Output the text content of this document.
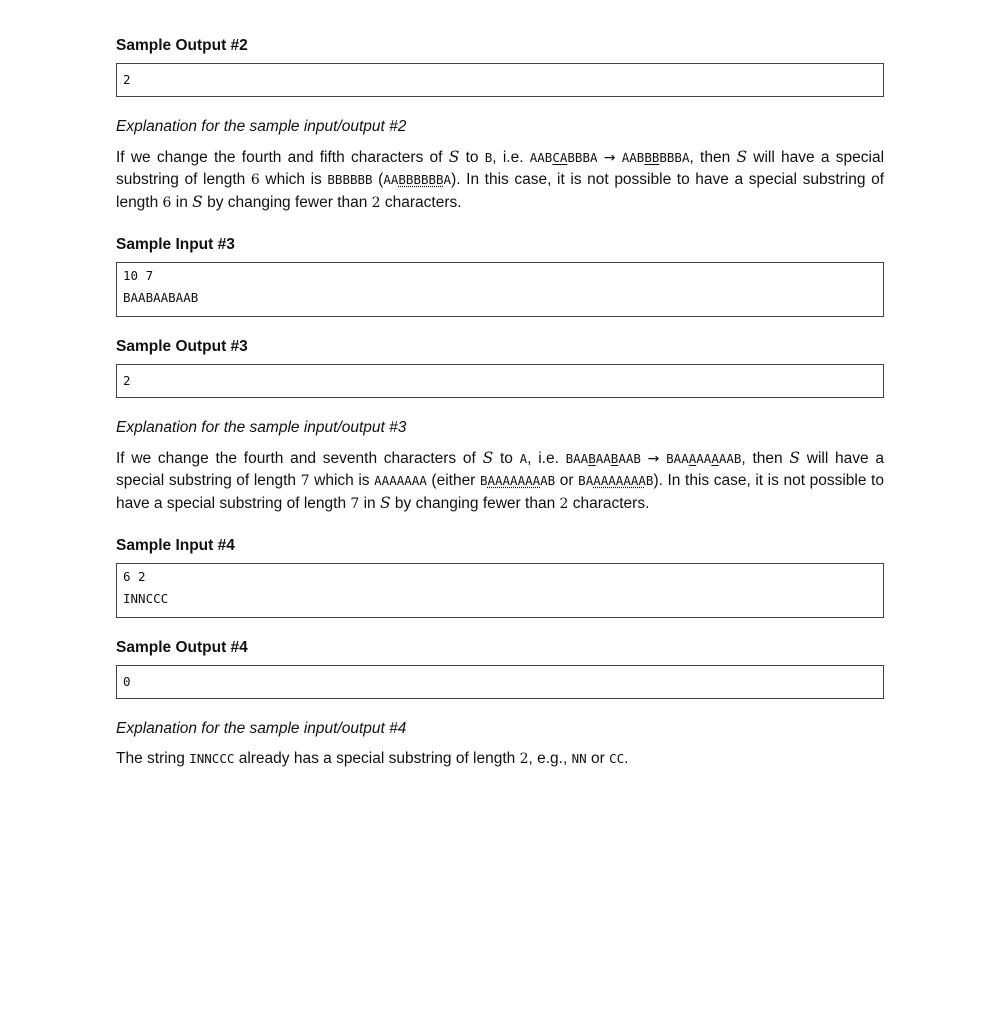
Sample Output #2
2
Explanation for the sample input/output #2

If we change the fourth and fifth characters of S to B, i.e. AABCABBBA → AABBBBBBA, then S will have a special substring of length 6 which is BBBBBB (AABBBBBBA). In this case, it is not possible to have a special substring of length 6 in S by changing fewer than 2 characters.

Sample Input #3
10 7
BAABAABAAB
Sample Output #3
2
Explanation for the sample input/output #3

If we change the fourth and seventh characters of S to A, i.e. BAABAABAAB → BAAAAAAAAB, then S will have a special substring of length 7 which is AAAAAAA (either BAAAAAAAAB or BAAAAAAAAB). In this case, it is not possible to have a special substring of length 7 in S by changing fewer than 2 characters.

Sample Input #4
6 2
INNCCC
Sample Output #4
0
Explanation for the sample input/output #4

The string INNCCC already has a special substring of length 2, e.g., NN or CC.
